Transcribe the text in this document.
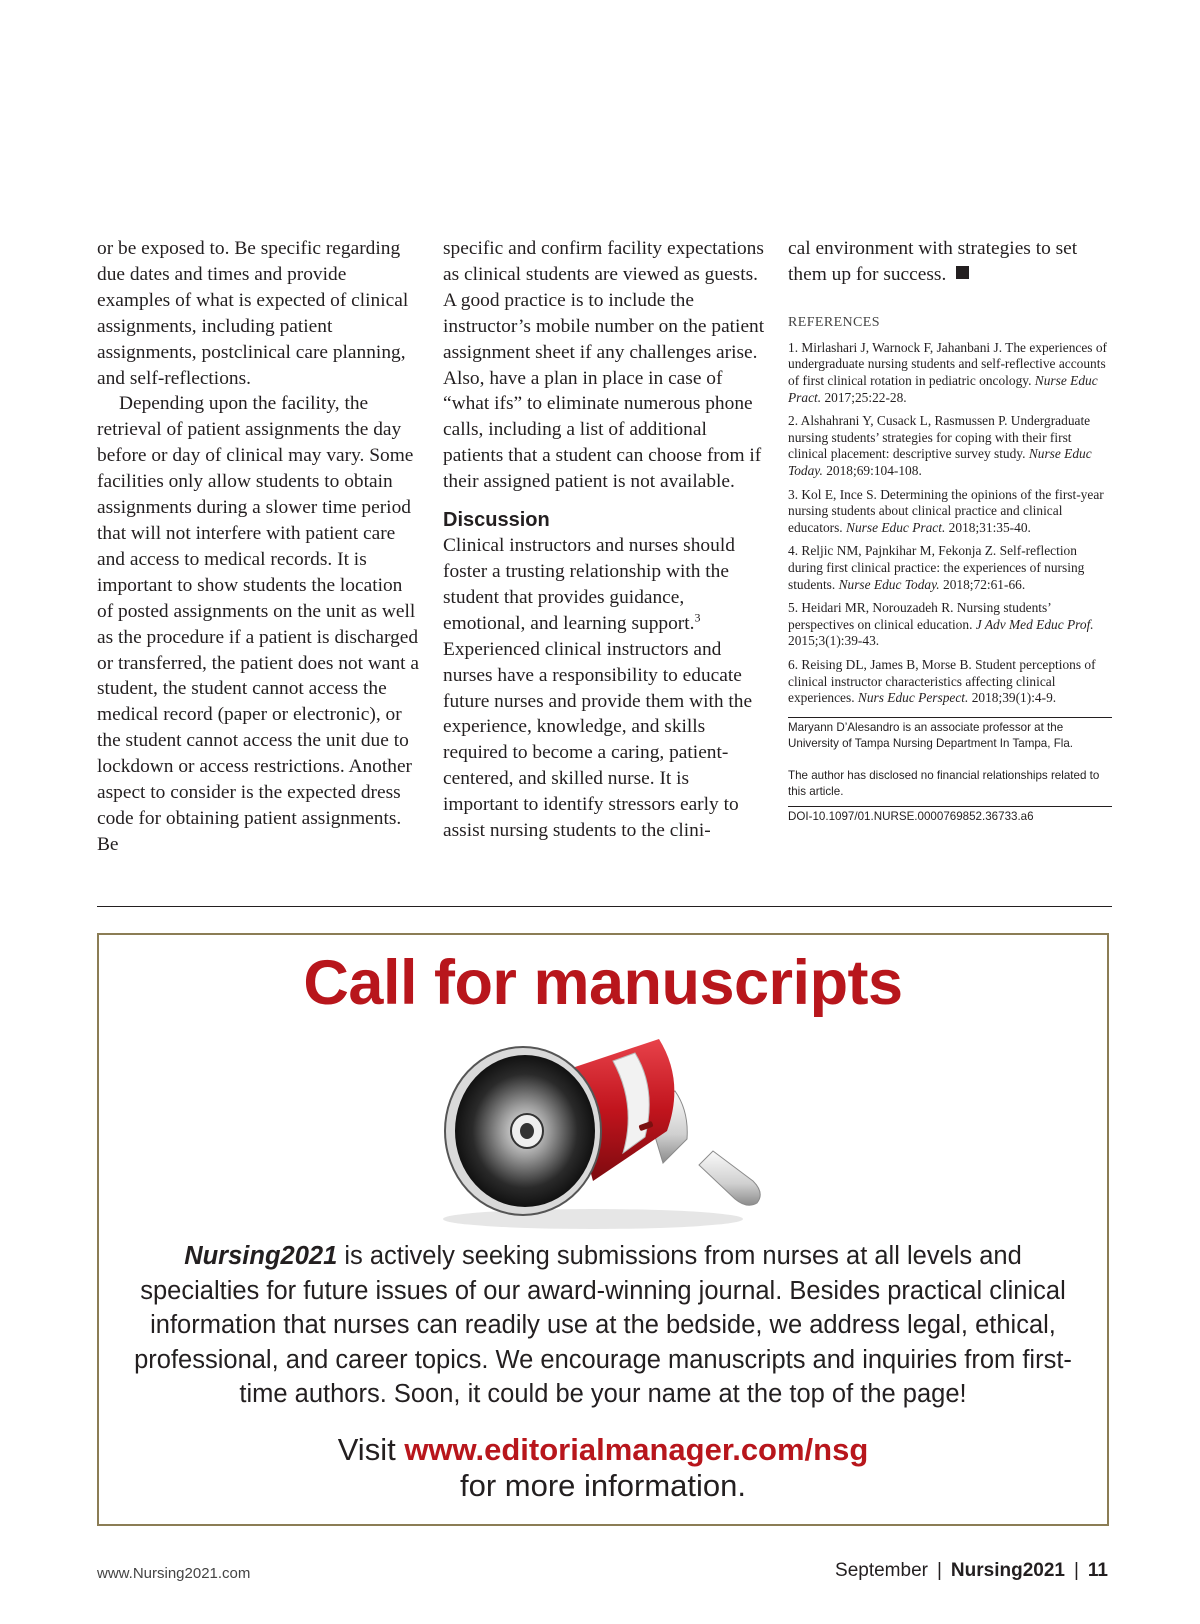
or be exposed to. Be specific regarding due dates and times and provide examples of what is expected of clinical assignments, including patient assignments, postclinical care planning, and self-reflections.

Depending upon the facility, the retrieval of patient assignments the day before or day of clinical may vary. Some facilities only allow students to obtain assignments during a slower time period that will not interfere with patient care and access to medical records. It is important to show students the location of posted assignments on the unit as well as the procedure if a patient is discharged or transferred, the patient does not want a student, the student cannot access the medical record (paper or electronic), or the student cannot access the unit due to lockdown or access restrictions. Another aspect to consider is the expected dress code for obtaining patient assignments. Be

specific and confirm facility expectations as clinical students are viewed as guests. A good practice is to include the instructor’s mobile number on the patient assignment sheet if any challenges arise. Also, have a plan in place in case of “what ifs” to eliminate numerous phone calls, including a list of additional patients that a student can choose from if their assigned patient is not available.

Discussion

Clinical instructors and nurses should foster a trusting relationship with the student that provides guidance, emotional, and learning support.$^3$ Experienced clinical instructors and nurses have a responsibility to educate future nurses and provide them with the experience, knowledge, and skills required to become a caring, patient-centered, and skilled nurse. It is important to identify stressors early to assist nursing students to the clini-

cal environment with strategies to set them up for success.

REFERENCES

1. Mirlashari J, Warnock F, Jahanbani J. The experiences of undergraduate nursing students and self-reflective accounts of first clinical rotation in pediatric oncology. Nurse Educ Pract. 2017;25:22-28.

2. Alshahrani Y, Cusack L, Rasmussen P. Undergraduate nursing students’ strategies for coping with their first clinical placement: descriptive survey study. Nurse Educ Today. 2018;69:104-108.

3. Kol E, Ince S. Determining the opinions of the first-year nursing students about clinical practice and clinical educators. Nurse Educ Pract. 2018;31:35-40.

4. Reljic NM, Pajnkihar M, Fekonja Z. Self-reflection during first clinical practice: the experiences of nursing students. Nurse Educ Today. 2018;72:61-66.

5. Heidari MR, Norouzadeh R. Nursing students’ perspectives on clinical education. J Adv Med Educ Prof. 2015;3(1):39-43.

6. Reising DL, James B, Morse B. Student perceptions of clinical instructor characteristics affecting clinical experiences. Nurs Educ Perspect. 2018;39(1):4-9.

Maryann D’Alesandro is an associate professor at the University of Tampa Nursing Department In Tampa, Fla.

The author has disclosed no financial relationships related to this article.

DOI-10.1097/01.NURSE.0000769852.36733.a6

Call for manuscripts

Nursing2021 is actively seeking submissions from nurses at all levels and specialties for future issues of our award-winning journal. Besides practical clinical information that nurses can readily use at the bedside, we address legal, ethical, professional, and career topics. We encourage manuscripts and inquiries from first-time authors. Soon, it could be your name at the top of the page!

Visit www.editorialmanager.com/nsg
for more information.

www.Nursing2021.com	September | Nursing2021 | 11
